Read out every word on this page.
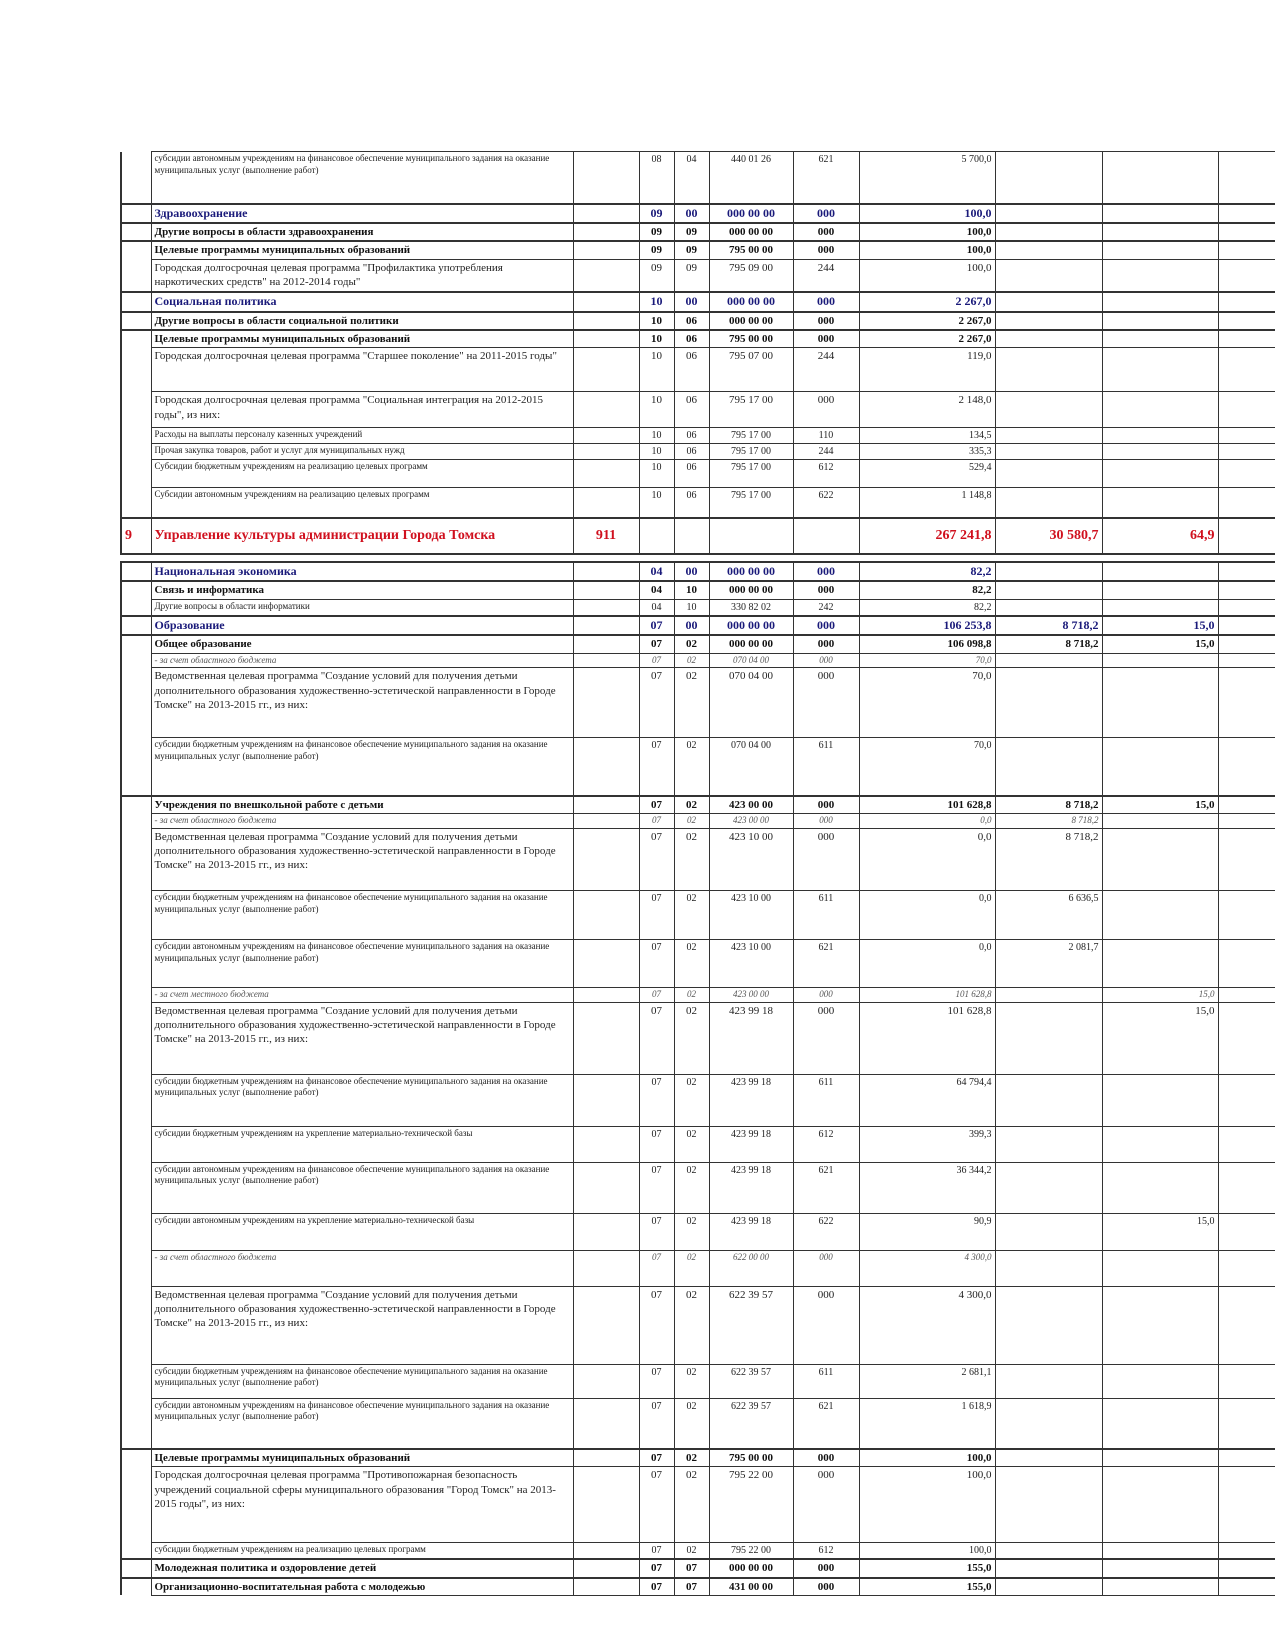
	субсидии автономным учреждениям на финансовое обеспечение муниципального задания на оказание муниципальных услуг (выполнение работ)		08	04	440 01 26	621	5 700,0			
	Здравоохранение		09	00	000 00 00	000	100,0			
	Другие вопросы в области здравоохранения		09	09	000 00 00	000	100,0			
	Целевые программы муниципальных образований		09	09	795 00 00	000	100,0			
	Городская долгосрочная целевая программа "Профилактика употребления наркотических средств" на 2012-2014 годы"		09	09	795 09 00	244	100,0			
	Социальная политика		10	00	000 00 00	000	2 267,0			
	Другие вопросы в области социальной политики		10	06	000 00 00	000	2 267,0			
	Целевые программы муниципальных образований		10	06	795 00 00	000	2 267,0			
	Городская долгосрочная целевая программа "Старшее поколение" на 2011-2015 годы"		10	06	795 07 00	244	119,0			
	Городская долгосрочная целевая программа "Социальная интеграция на 2012-2015 годы", из них:		10	06	795 17 00	000	2 148,0			
	Расходы на выплаты персоналу казенных учреждений		10	06	795 17 00	110	134,5			
	Прочая закупка товаров, работ и услуг для муниципальных нужд		10	06	795 17 00	244	335,3			
	Субсидии бюджетным учреждениям на реализацию целевых программ		10	06	795 17 00	612	529,4			
	Субсидии автономным учреждениям на реализацию целевых программ		10	06	795 17 00	622	1 148,8			
9	Управление культуры администрации Города Томска	911					267 241,8	30 580,7	64,9	

	Национальная экономика		04	00	000 00 00	000	82,2			
	Связь и информатика		04	10	000 00 00	000	82,2			
	Другие вопросы в области информатики		04	10	330 82 02	242	82,2			
	Образование		07	00	000 00 00	000	106 253,8	8 718,2	15,0	
	Общее образование		07	02	000 00 00	000	106 098,8	8 718,2	15,0	
	- за счет областного бюджета		07	02	070 04 00	000	70,0			
	Ведомственная целевая программа "Создание условий для получения детьми дополнительного образования художественно-эстетической направленности в Городе Томске" на 2013-2015 гг., из них:		07	02	070 04 00	000	70,0			
	субсидии бюджетным учреждениям на финансовое обеспечение муниципального задания на оказание муниципальных услуг (выполнение работ)		07	02	070 04 00	611	70,0			
	Учреждения по внешкольной работе с детьми		07	02	423 00 00	000	101 628,8	8 718,2	15,0	
	- за счет областного бюджета		07	02	423 00 00	000	0,0	8 718,2		
	Ведомственная целевая программа "Создание условий для получения детьми дополнительного образования художественно-эстетической направленности в Городе Томске" на 2013-2015 гг., из них:		07	02	423 10 00	000	0,0	8 718,2		
	субсидии бюджетным учреждениям на финансовое обеспечение муниципального задания на оказание муниципальных услуг (выполнение работ)		07	02	423 10 00	611	0,0	6 636,5		
	субсидии автономным учреждениям на финансовое обеспечение муниципального задания на оказание муниципальных услуг (выполнение работ)		07	02	423 10 00	621	0,0	2 081,7		
	- за счет местного бюджета		07	02	423 00 00	000	101 628,8		15,0	
	Ведомственная целевая программа "Создание условий для получения детьми дополнительного образования художественно-эстетической направленности в Городе Томске" на 2013-2015 гг., из них:		07	02	423 99 18	000	101 628,8		15,0	
	субсидии бюджетным учреждениям на финансовое обеспечение муниципального задания на оказание муниципальных услуг (выполнение работ)		07	02	423 99 18	611	64 794,4			
	субсидии бюджетным учреждениям на укрепление материально-технической базы		07	02	423 99 18	612	399,3			
	субсидии автономным учреждениям на финансовое обеспечение муниципального задания на оказание муниципальных услуг (выполнение работ)		07	02	423 99 18	621	36 344,2			
	субсидии автономным учреждениям на укрепление материально-технической базы		07	02	423 99 18	622	90,9		15,0	
	- за счет областного бюджета		07	02	622 00 00	000	4 300,0			
	Ведомственная целевая программа "Создание условий для получения детьми дополнительного образования художественно-эстетической направленности в Городе Томске" на 2013-2015 гг., из них:		07	02	622 39 57	000	4 300,0			
	субсидии бюджетным учреждениям на финансовое обеспечение муниципального задания на оказание муниципальных услуг (выполнение работ)		07	02	622 39 57	611	2 681,1			
	субсидии автономным учреждениям на финансовое обеспечение муниципального задания на оказание муниципальных услуг (выполнение работ)		07	02	622 39 57	621	1 618,9			
	Целевые программы муниципальных образований		07	02	795 00 00	000	100,0			
	Городская долгосрочная целевая программа "Противопожарная безопасность учреждений социальной сферы муниципального образования "Город Томск" на 2013-2015 годы", из них:		07	02	795 22 00	000	100,0			
	субсидии бюджетным учреждениям на реализацию целевых программ		07	02	795 22 00	612	100,0			
	Молодежная политика и оздоровление детей		07	07	000 00 00	000	155,0			
	Организационно-воспитательная работа с молодежью		07	07	431 00 00	000	155,0			
